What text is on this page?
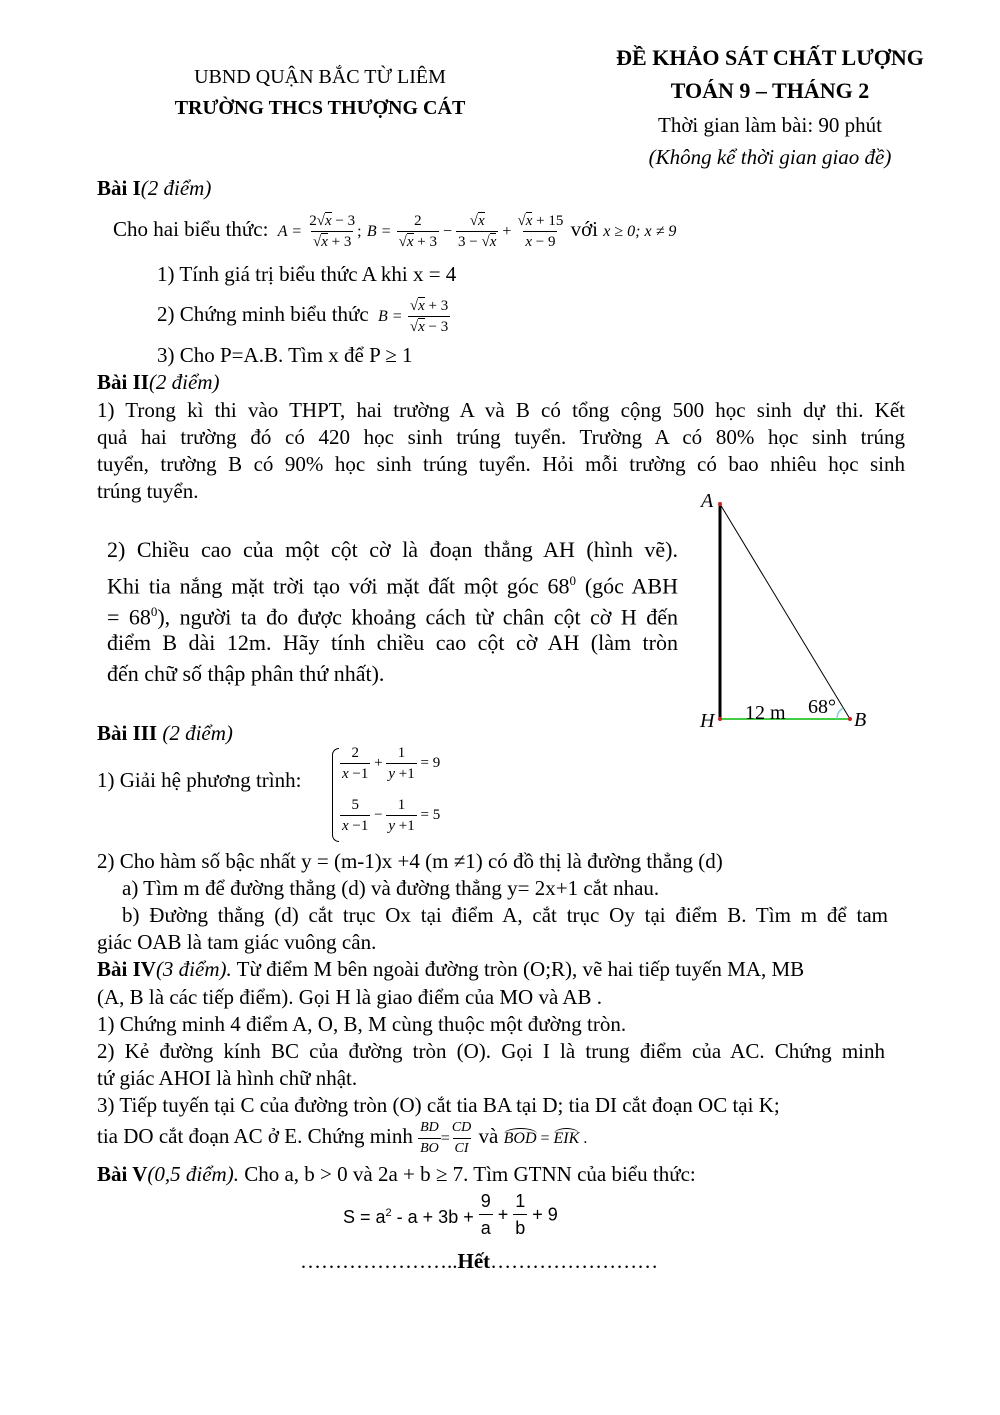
UBND QUẬN BẮC TỪ LIÊM
TRƯỜNG THCS THƯỢNG CÁT
ĐỀ KHẢO SÁT CHẤT LƯỢNG
TOÁN 9 – THÁNG 2
Thời gian làm bài: 90 phút
(Không kể thời gian giao đề)
Bài I(2 điểm)
Cho hai biểu thức:  $A = \frac{2√x - 3}{√x + 3}$ ; $B = \frac{2}{√x + 3} - \frac{√x}{3 - √x} + \frac{√x + 15}{x - 9}$ với x ≥ 0; x ≠ 9
1) Tính giá trị biểu thức A khi x = 4
2) Chứng minh biểu thức  $B = \frac{√x + 3}{√x - 3}$
3) Cho P=A.B. Tìm x để P ≥ 1
Bài II(2 điểm)
1) Trong kì thi vào THPT, hai trường A và B có tổng cộng 500 học sinh dự thi. Kết
quả hai trường đó có 420 học sinh trúng tuyển. Trường A có 80% học sinh trúng
tuyển, trường B có 90% học sinh trúng tuyển. Hỏi mỗi trường có bao nhiêu học sinh
trúng tuyển.
2) Chiều cao của một cột cờ là đoạn thẳng AH (hình vẽ).
Khi tia nắng mặt trời tạo với mặt đất một góc $68^0$ (góc ABH
= $68^0$), người ta đo được khoảng cách từ chân cột cờ H đến
điểm B dài 12m. Hãy tính chiều cao cột cờ AH (làm tròn
đến chữ số thập phân thứ nhất).
A
H	B
12 m 68°
Bài III (2 điểm)
1) Giải hệ phương trình:	$\frac{2}{x -1} + \frac{1}{y +1} = 9$
$\frac{5}{x -1} - \frac{1}{y +1} = 5$
2) Cho hàm số bậc nhất y = (m-1)x +4 (m ≠1) có đồ thị là đường thẳng (d)
a) Tìm m để đường thẳng (d) và đường thẳng y= 2x+1 cắt nhau.
b) Đường thẳng (d) cắt trục Ox tại điểm A, cắt trục Oy tại điểm B. Tìm m để tam
giác OAB là tam giác vuông cân.
Bài IV(3 điểm). Từ điểm M bên ngoài đường tròn (O;R), vẽ hai tiếp tuyến MA, MB
(A, B là các tiếp điểm). Gọi H là giao điểm của MO và AB .
1) Chứng minh 4 điểm A, O, B, M cùng thuộc một đường tròn.
2) Kẻ đường kính BC của đường tròn (O). Gọi I là trung điểm của AC. Chứng minh
tứ giác AHOI là hình chữ nhật.
3) Tiếp tuyến tại C của đường tròn (O) cắt tia BA tại D; tia DI cắt đoạn OC tại K;
tia DO cắt đoạn AC ở E. Chứng minh $\frac{BD}{BO} = \frac{CD}{CI}$ và BOD = EIK .
Bài V(0,5 điểm). Cho a, b > 0 và 2a + b ≥ 7. Tìm GTNN của biểu thức:
$S = a^2 - a + 3b + \frac{9}{a} + \frac{1}{b} + 9$
…………………..Hết……………………
